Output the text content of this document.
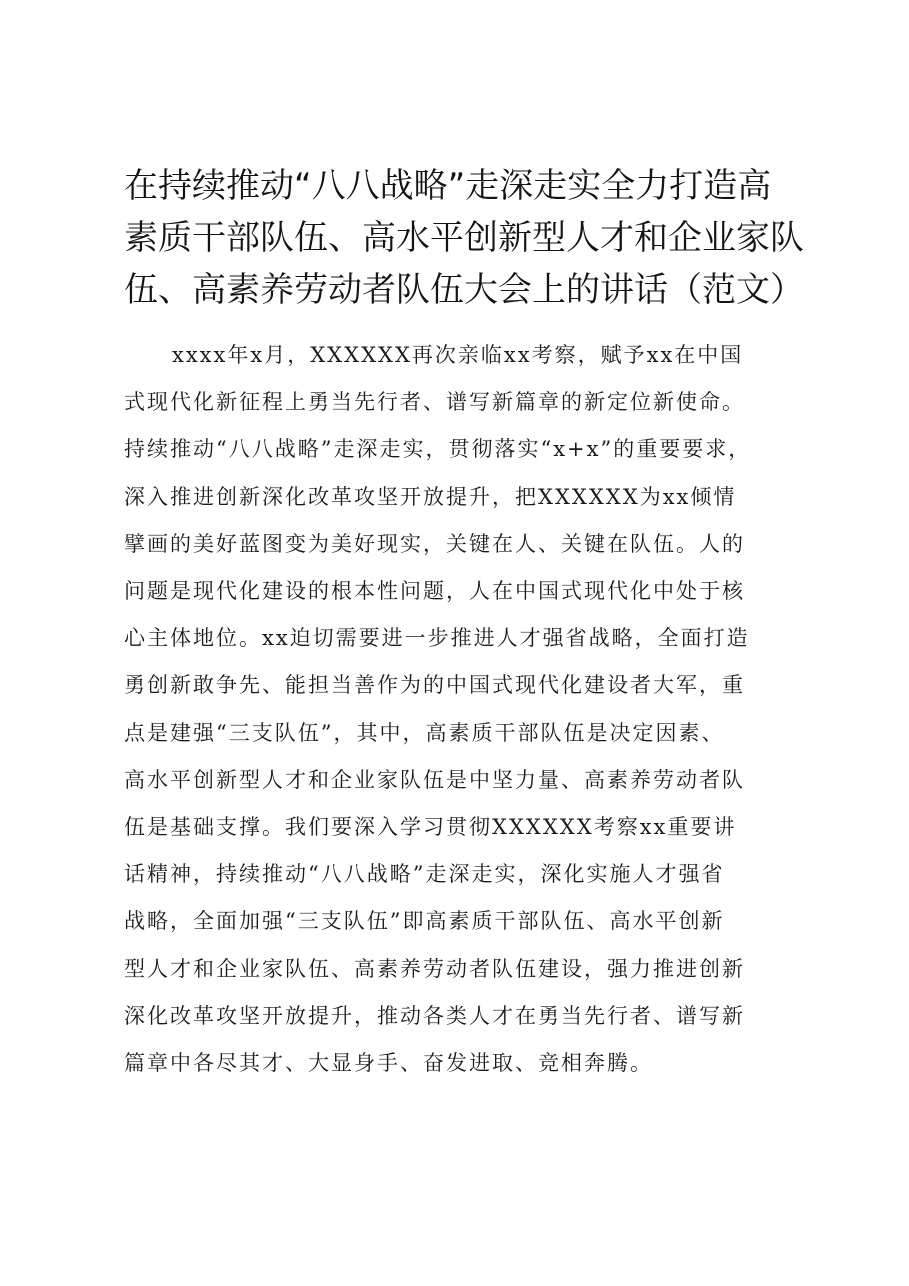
在持续推动“八八战略”走深走实全力打造高
素质干部队伍、高水平创新型人才和企业家队
伍、高素养劳动者队伍大会上的讲话（范文）
xxxx年x月，XXXXXX再次亲临xx考察，赋予xx在中国
式现代化新征程上勇当先行者、谱写新篇章的新定位新使命。
持续推动“八八战略”走深走实，贯彻落实“x+x”的重要要求，
深入推进创新深化改革攻坚开放提升，把XXXXXX为xx倾情
擘画的美好蓝图变为美好现实，关键在人、关键在队伍。人的
问题是现代化建设的根本性问题，人在中国式现代化中处于核
心主体地位。xx迫切需要进一步推进人才强省战略，全面打造
勇创新敢争先、能担当善作为的中国式现代化建设者大军，重
点是建强“三支队伍”，其中，高素质干部队伍是决定因素、
高水平创新型人才和企业家队伍是中坚力量、高素养劳动者队
伍是基础支撑。我们要深入学习贯彻XXXXXX考察xx重要讲
话精神，持续推动“八八战略”走深走实，深化实施人才强省
战略，全面加强“三支队伍”即高素质干部队伍、高水平创新
型人才和企业家队伍、高素养劳动者队伍建设，强力推进创新
深化改革攻坚开放提升，推动各类人才在勇当先行者、谱写新
篇章中各尽其才、大显身手、奋发进取、竞相奔腾。
